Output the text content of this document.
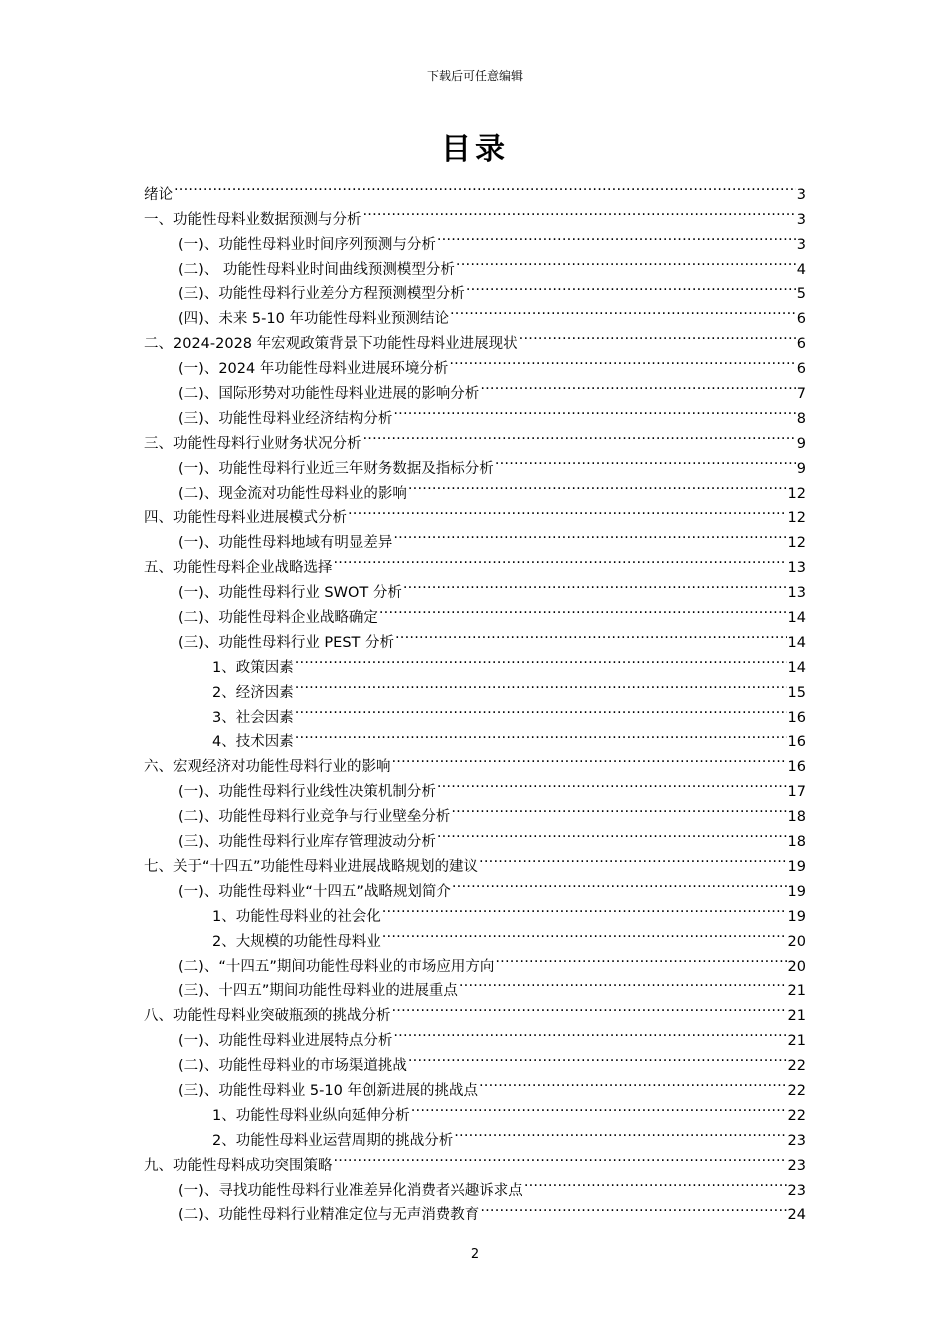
下载后可任意编辑
目录
绪论 .....	3
一、功能性母料业数据预测与分析 .....	3
(一)、功能性母料业时间序列预测与分析 .....	3
(二)、 功能性母料业时间曲线预测模型分析 .....	4
(三)、功能性母料行业差分方程预测模型分析 .....	5
(四)、未来 5-10 年功能性母料业预测结论 .....	6
二、2024-2028 年宏观政策背景下功能性母料业进展现状 .....	6
(一)、2024 年功能性母料业进展环境分析 .....	6
(二)、国际形势对功能性母料业进展的影响分析 .....	7
(三)、功能性母料业经济结构分析 .....	8
三、功能性母料行业财务状况分析 .....	9
(一)、功能性母料行业近三年财务数据及指标分析 .....	9
(二)、现金流对功能性母料业的影响 .....	12
四、功能性母料业进展模式分析 .....	12
(一)、功能性母料地域有明显差异 .....	12
五、功能性母料企业战略选择 .....	13
(一)、功能性母料行业 SWOT 分析 .....	13
(二)、功能性母料企业战略确定 .....	14
(三)、功能性母料行业 PEST 分析 .....	14
1、政策因素 .....	14
2、经济因素 .....	15
3、社会因素 .....	16
4、技术因素 .....	16
六、宏观经济对功能性母料行业的影响 .....	16
(一)、功能性母料行业线性决策机制分析 .....	17
(二)、功能性母料行业竞争与行业壁垒分析 .....	18
(三)、功能性母料行业库存管理波动分析 .....	18
七、关于“十四五”功能性母料业进展战略规划的建议 .....	19
(一)、功能性母料业“十四五”战略规划简介 .....	19
1、功能性母料业的社会化 .....	19
2、大规模的功能性母料业 .....	20
(二)、“十四五”期间功能性母料业的市场应用方向 .....	20
(三)、十四五”期间功能性母料业的进展重点 .....	21
八、功能性母料业突破瓶颈的挑战分析 .....	21
(一)、功能性母料业进展特点分析 .....	21
(二)、功能性母料业的市场渠道挑战 .....	22
(三)、功能性母料业 5-10 年创新进展的挑战点 .....	22
1、功能性母料业纵向延伸分析 .....	22
2、功能性母料业运营周期的挑战分析 .....	23
九、功能性母料成功突围策略 .....	23
(一)、寻找功能性母料行业准差异化消费者兴趣诉求点 .....	23
(二)、功能性母料行业精准定位与无声消费教育 .....	24
2
